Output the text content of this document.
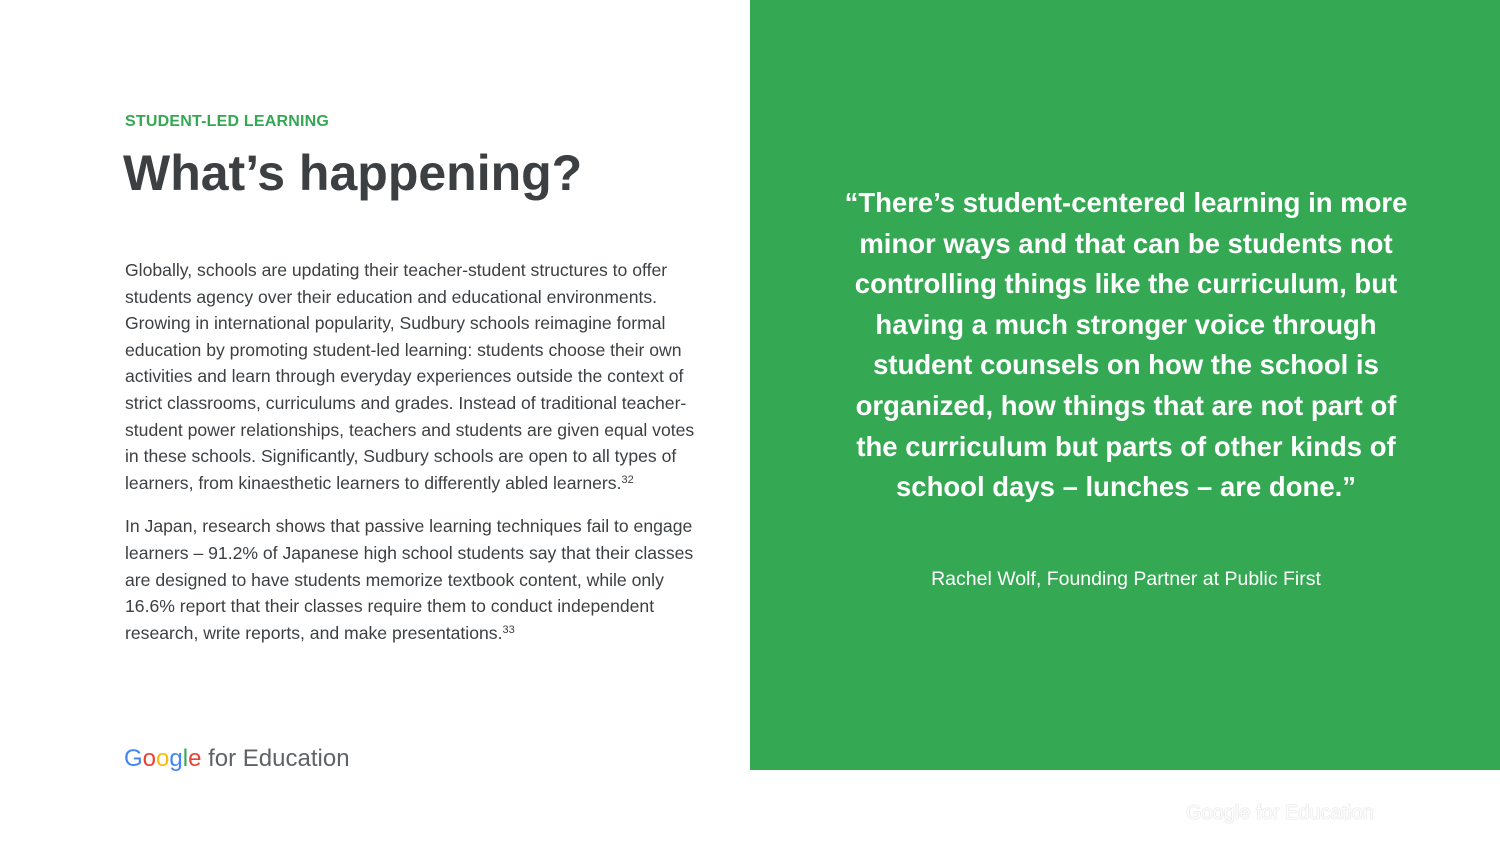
STUDENT-LED LEARNING
What’s happening?

Globally, schools are updating their teacher-student structures to offer students agency over their education and educational environments. Growing in international popularity, Sudbury schools reimagine formal education by promoting student-led learning: students choose their own activities and learn through everyday experiences outside the context of strict classrooms, curriculums and grades. Instead of traditional teacher-student power relationships, teachers and students are given equal votes in these schools. Significantly, Sudbury schools are open to all types of learners, from kinaesthetic learners to differently abled learners.$^{32}$

In Japan, research shows that passive learning techniques fail to engage learners – 91.2% of Japanese high school students say that their classes are designed to have students memorize textbook content, while only 16.6% report that their classes require them to conduct independent research, write reports, and make presentations.$^{33}$

Google for Education

“There’s student-centered learning in more minor ways and that can be students not controlling things like the curriculum, but having a much stronger voice through student counsels on how the school is organized, how things that are not part of the curriculum but parts of other kinds of school days – lunches – are done.”

Rachel Wolf, Founding Partner at Public First
Google for Education
